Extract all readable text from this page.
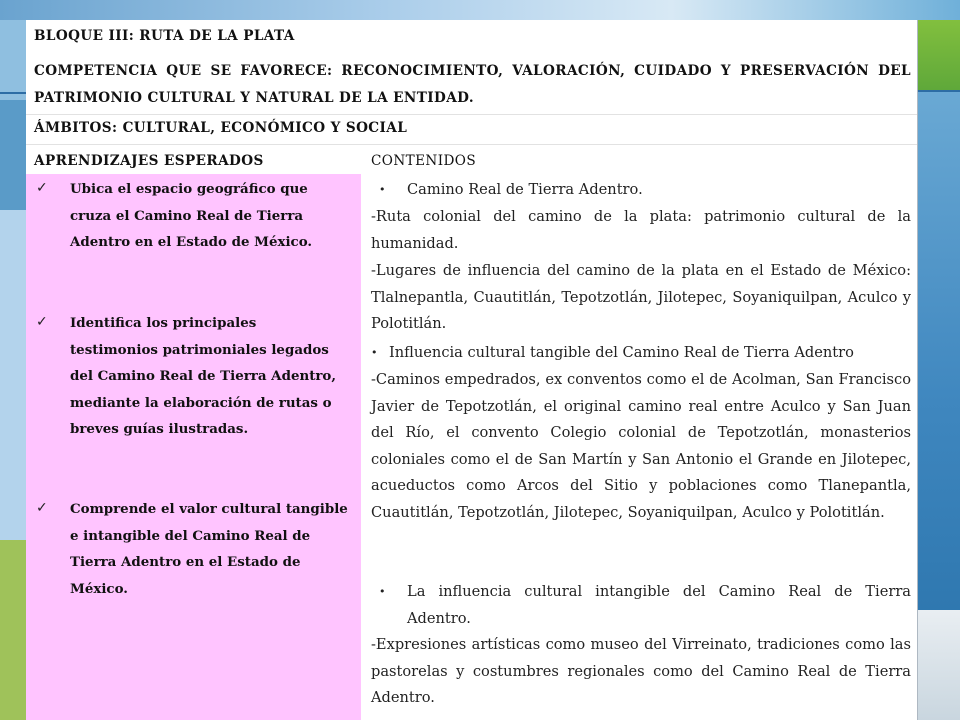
BLOQUE III: RUTA DE LA PLATA
COMPETENCIA QUE SE FAVORECE: RECONOCIMIENTO, VALORACIÓN, CUIDADO Y PRESERVACIÓN DEL PATRIMONIO CULTURAL Y NATURAL DE LA ENTIDAD.
ÁMBITOS: CULTURAL, ECONÓMICO Y SOCIAL
APRENDIZAJES ESPERADOS	CONTENIDOS
✓ Ubica el espacio geográfico que cruza el Camino Real de Tierra Adentro en el Estado de México.
✓ Identifica los principales testimonios patrimoniales legados del Camino Real de Tierra Adentro, mediante la elaboración de rutas o breves guías ilustradas.
✓ Comprende el valor cultural tangible e intangible del Camino Real de Tierra Adentro en el Estado de México.
• Camino Real de Tierra Adentro.
-Ruta colonial del camino de la plata: patrimonio cultural de la humanidad.
-Lugares de influencia del camino de la plata en el Estado de México: Tlalnepantla, Cuautitlán, Tepotzotlán, Jilotepec, Soyaniquilpan, Aculco y Polotitlán.
• Influencia cultural tangible del Camino Real de Tierra Adentro
-Caminos empedrados, ex conventos como el de Acolman, San Francisco Javier de Tepotzotlán, el original camino real entre Aculco y San Juan del Río, el convento Colegio colonial de Tepotzotlán, monasterios coloniales como el de San Martín y San Antonio el Grande en Jilotepec, acueductos como Arcos del Sitio y poblaciones como Tlanepantla, Cuautitlán, Tepotzotlán, Jilotepec, Soyaniquilpan, Aculco y Polotitlán.
• La influencia cultural intangible del Camino Real de Tierra Adentro.
-Expresiones artísticas como museo del Virreinato, tradiciones como las pastorelas y costumbres regionales como del Camino Real de Tierra Adentro.
